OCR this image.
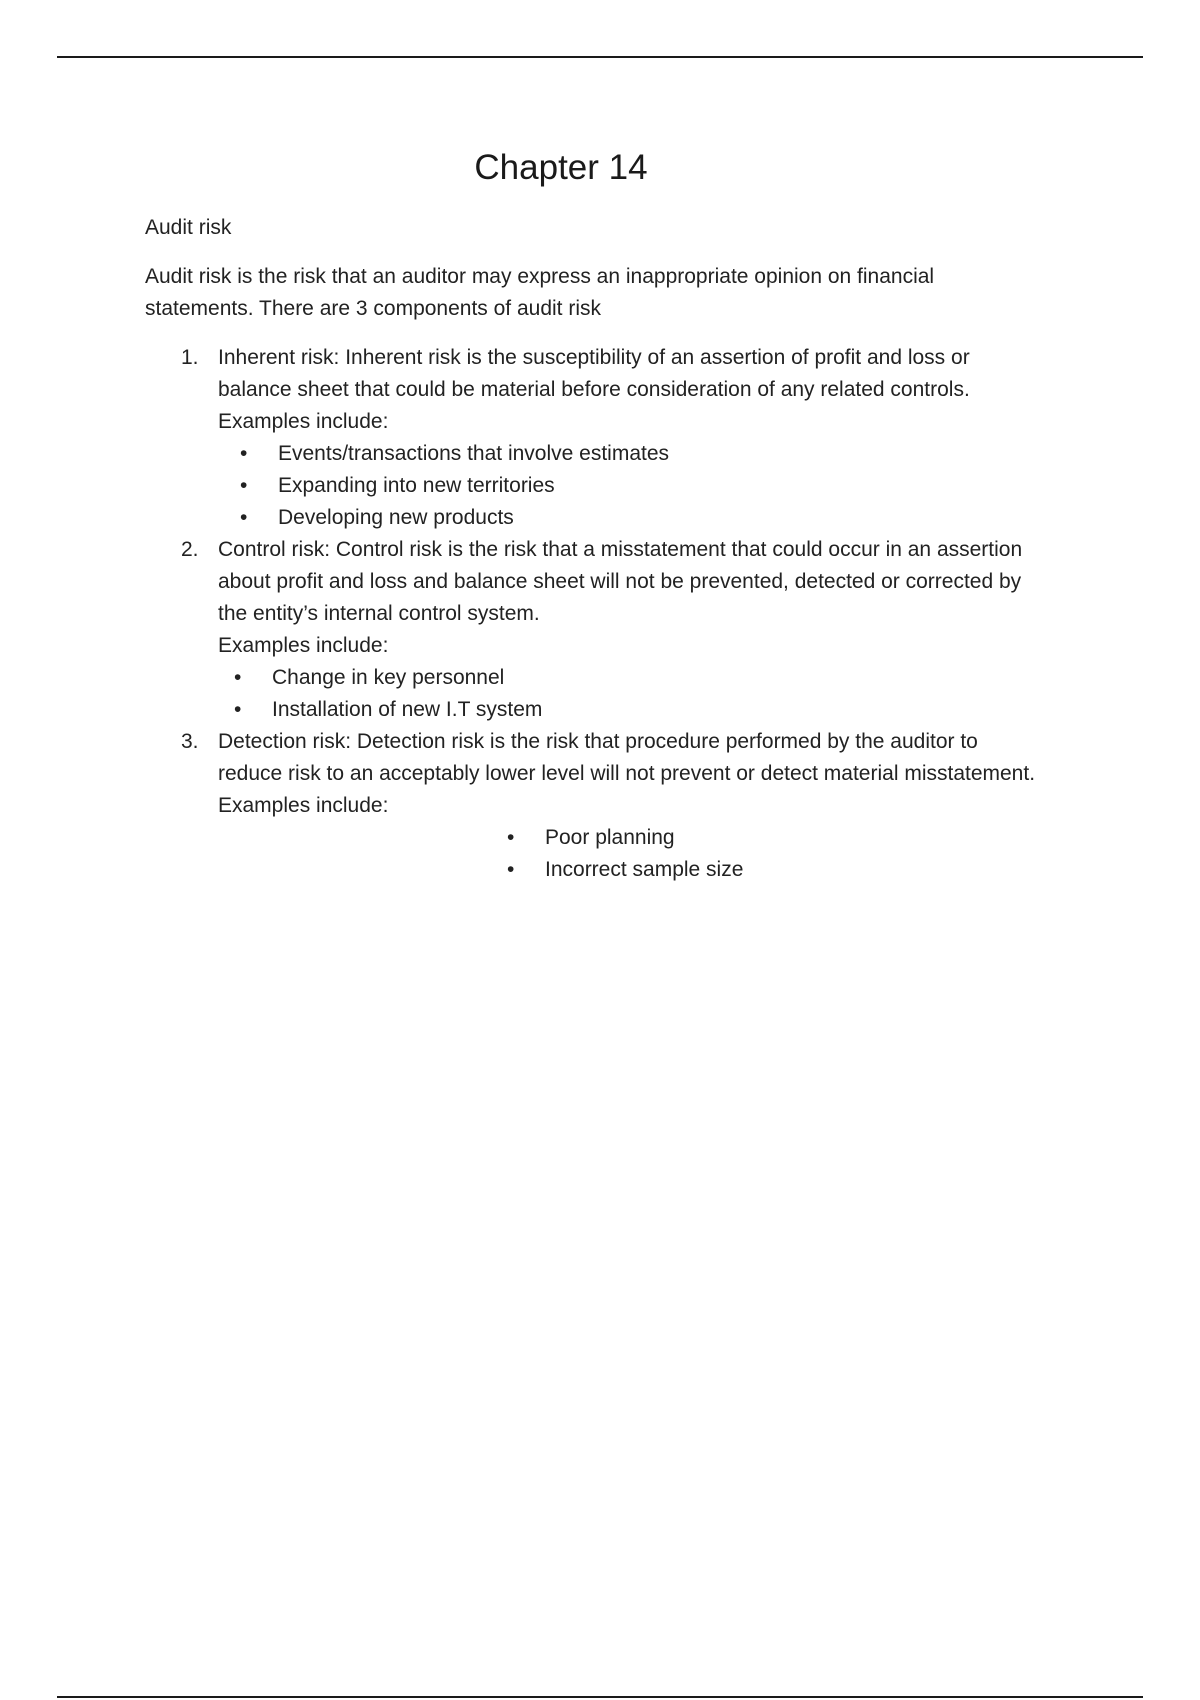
Chapter 14

Audit risk

Audit risk is the risk that an auditor may express an inappropriate opinion on financial statements. There are 3 components of audit risk

1. Inherent risk: Inherent risk is the susceptibility of an assertion of profit and loss or balance sheet that could be material before consideration of any related controls.
Examples include:
• Events/transactions that involve estimates
• Expanding into new territories
• Developing new products
2. Control risk: Control risk is the risk that a misstatement that could occur in an assertion about profit and loss and balance sheet will not be prevented, detected or corrected by the entity’s internal control system.
Examples include:
• Change in key personnel
• Installation of new I.T system
3. Detection risk: Detection risk is the risk that procedure performed by the auditor to reduce risk to an acceptably lower level will not prevent or detect material misstatement. Examples include:
• Poor planning
• Incorrect sample size
